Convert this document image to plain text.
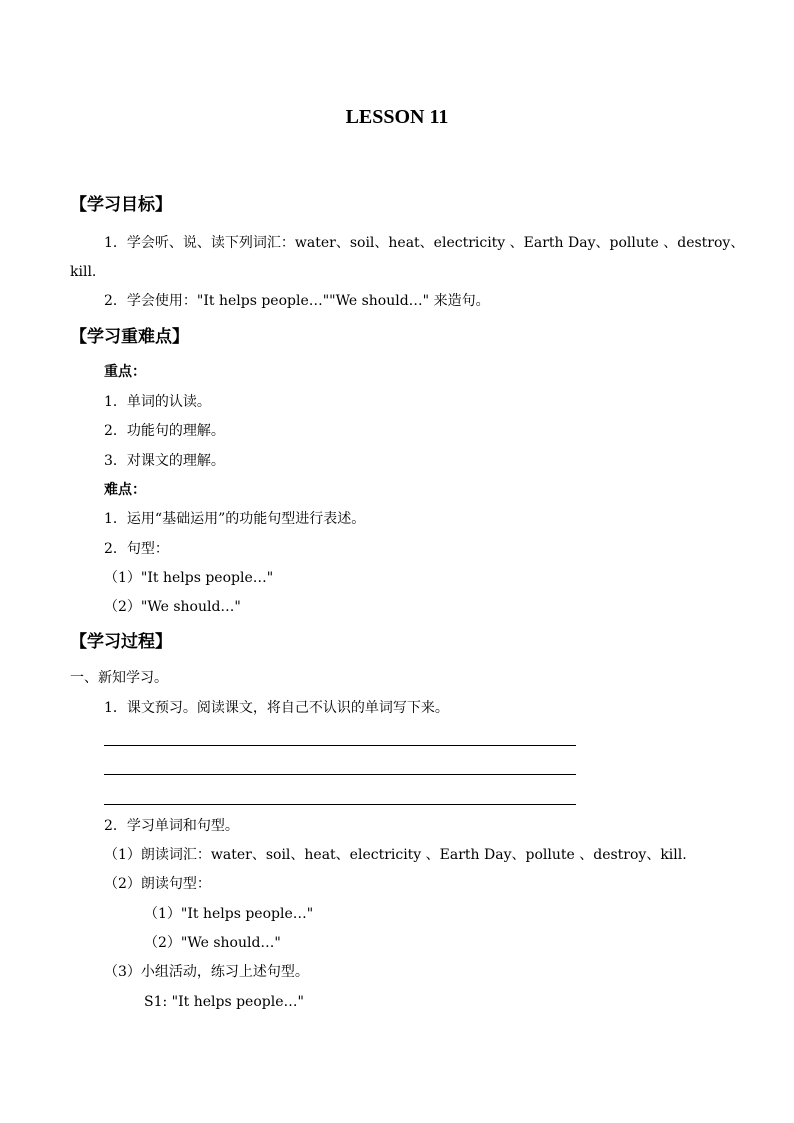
LESSON 11
【学习目标】
1．学会听、说、读下列词汇：water、soil、heat、electricity 、Earth Day、pollute 、destroy、
kill.
2．学会使用："It helps people…""We should…" 来造句。
【学习重难点】
重点：
1．单词的认读。
2．功能句的理解。
3．对课文的理解。
难点：
1．运用“基础运用”的功能句型进行表述。
2．句型：
（1）"It helps people…"
（2）"We should…"
【学习过程】
一、新知学习。
1．课文预习。阅读课文，将自己不认识的单词写下来。
2．学习单词和句型。
（1）朗读词汇：water、soil、heat、electricity 、Earth Day、pollute 、destroy、kill.
（2）朗读句型：
（1）"It helps people…"
（2）"We should…"
（3）小组活动，练习上述句型。
S1: "It helps people…"
